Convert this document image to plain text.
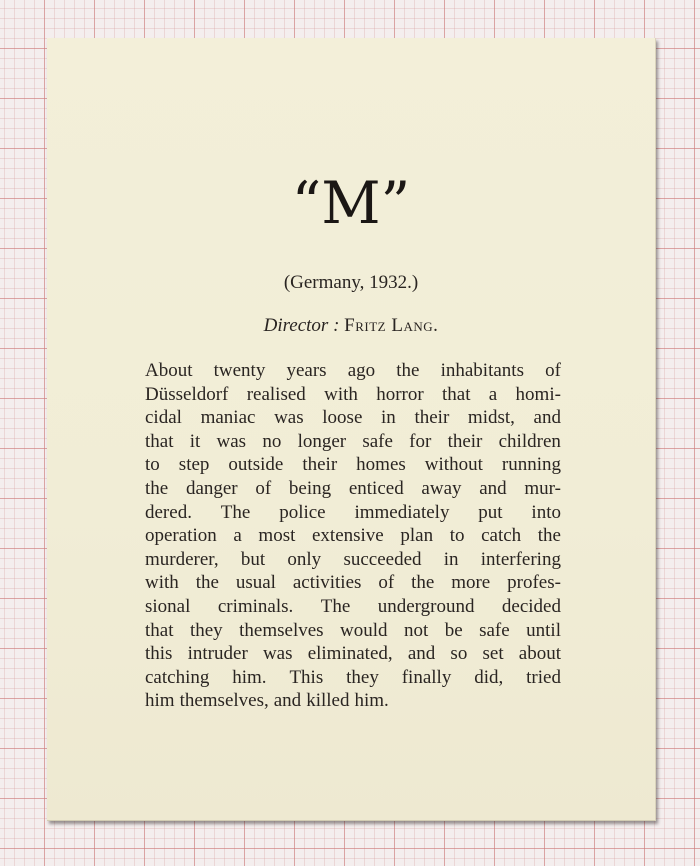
“M”
(Germany, 1932.)
Director : Fritz Lang.
About twenty years ago the inhabitants of
Düsseldorf realised with horror that a homi-
cidal maniac was loose in their midst, and
that it was no longer safe for their children
to step outside their homes without running
the danger of being enticed away and mur-
dered. The police immediately put into
operation a most extensive plan to catch the
murderer, but only succeeded in interfering
with the usual activities of the more profes-
sional criminals. The underground decided
that they themselves would not be safe until
this intruder was eliminated, and so set about
catching him. This they finally did, tried
him themselves, and killed him.
